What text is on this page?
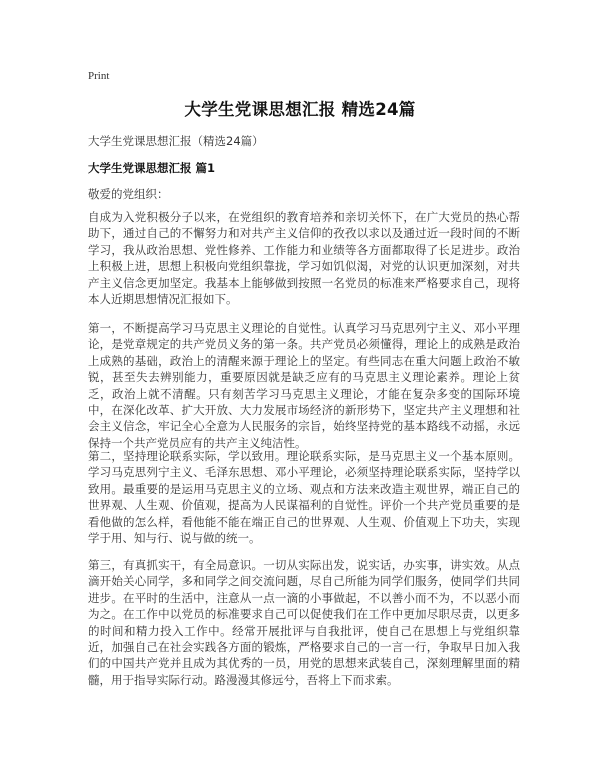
Print
大学生党课思想汇报 精选24篇
大学生党课思想汇报（精选24篇）
大学生党课思想汇报 篇1
敬爱的党组织：

自成为入党积极分子以来，在党组织的教育培养和亲切关怀下，在广大党员的热心帮助下，通过自己的不懈努力和对共产主义信仰的孜孜以求以及通过近一段时间的不断学习，我从政治思想、党性修养、工作能力和业绩等各方面都取得了长足进步。政治上积极上进，思想上积极向党组织靠拢，学习如饥似渴，对党的认识更加深刻，对共产主义信念更加坚定。我基本上能够做到按照一名党员的标准来严格要求自己，现将本人近期思想情况汇报如下。

第一，不断提高学习马克思主义理论的自觉性。认真学习马克思列宁主义、邓小平理论，是党章规定的共产党员义务的第一条。共产党员必须懂得，理论上的成熟是政治上成熟的基础，政治上的清醒来源于理论上的坚定。有些同志在重大问题上政治不敏锐，甚至失去辨别能力，重要原因就是缺乏应有的马克思主义理论素养。理论上贫乏，政治上就不清醒。只有刻苦学习马克思主义理论，才能在复杂多变的国际环境中，在深化改革、扩大开放、大力发展市场经济的新形势下，坚定共产主义理想和社会主义信念，牢记全心全意为人民服务的宗旨，始终坚持党的基本路线不动摇，永远保持一个共产党员应有的共产主义纯洁性。

第二，坚持理论联系实际，学以致用。理论联系实际，是马克思主义一个基本原则。学习马克思列宁主义、毛泽东思想、邓小平理论，必须坚持理论联系实际，坚持学以致用。最重要的是运用马克思主义的立场、观点和方法来改造主观世界，端正自己的世界观、人生观、价值观，提高为人民谋福利的自觉性。评价一个共产党员重要的是看他做的怎么样，看他能不能在端正自己的世界观、人生观、价值观上下功夫，实现学于用、知与行、说与做的统一。

第三，有真抓实干，有全局意识。一切从实际出发，说实话，办实事，讲实效。从点滴开始关心同学，多和同学之间交流问题，尽自己所能为同学们服务，使同学们共同进步。在平时的生活中，注意从一点一滴的小事做起，不以善小而不为，不以恶小而为之。在工作中以党员的标准要求自己可以促使我们在工作中更加尽职尽责，以更多的时间和精力投入工作中。经常开展批评与自我批评，使自己在思想上与党组织靠近，加强自己在社会实践各方面的锻炼，严格要求自己的一言一行，争取早日加入我们的中国共产党并且成为其优秀的一员，用党的思想来武装自己，深刻理解里面的精髓，用于指导实际行动。路漫漫其修远兮，吾将上下而求索。
